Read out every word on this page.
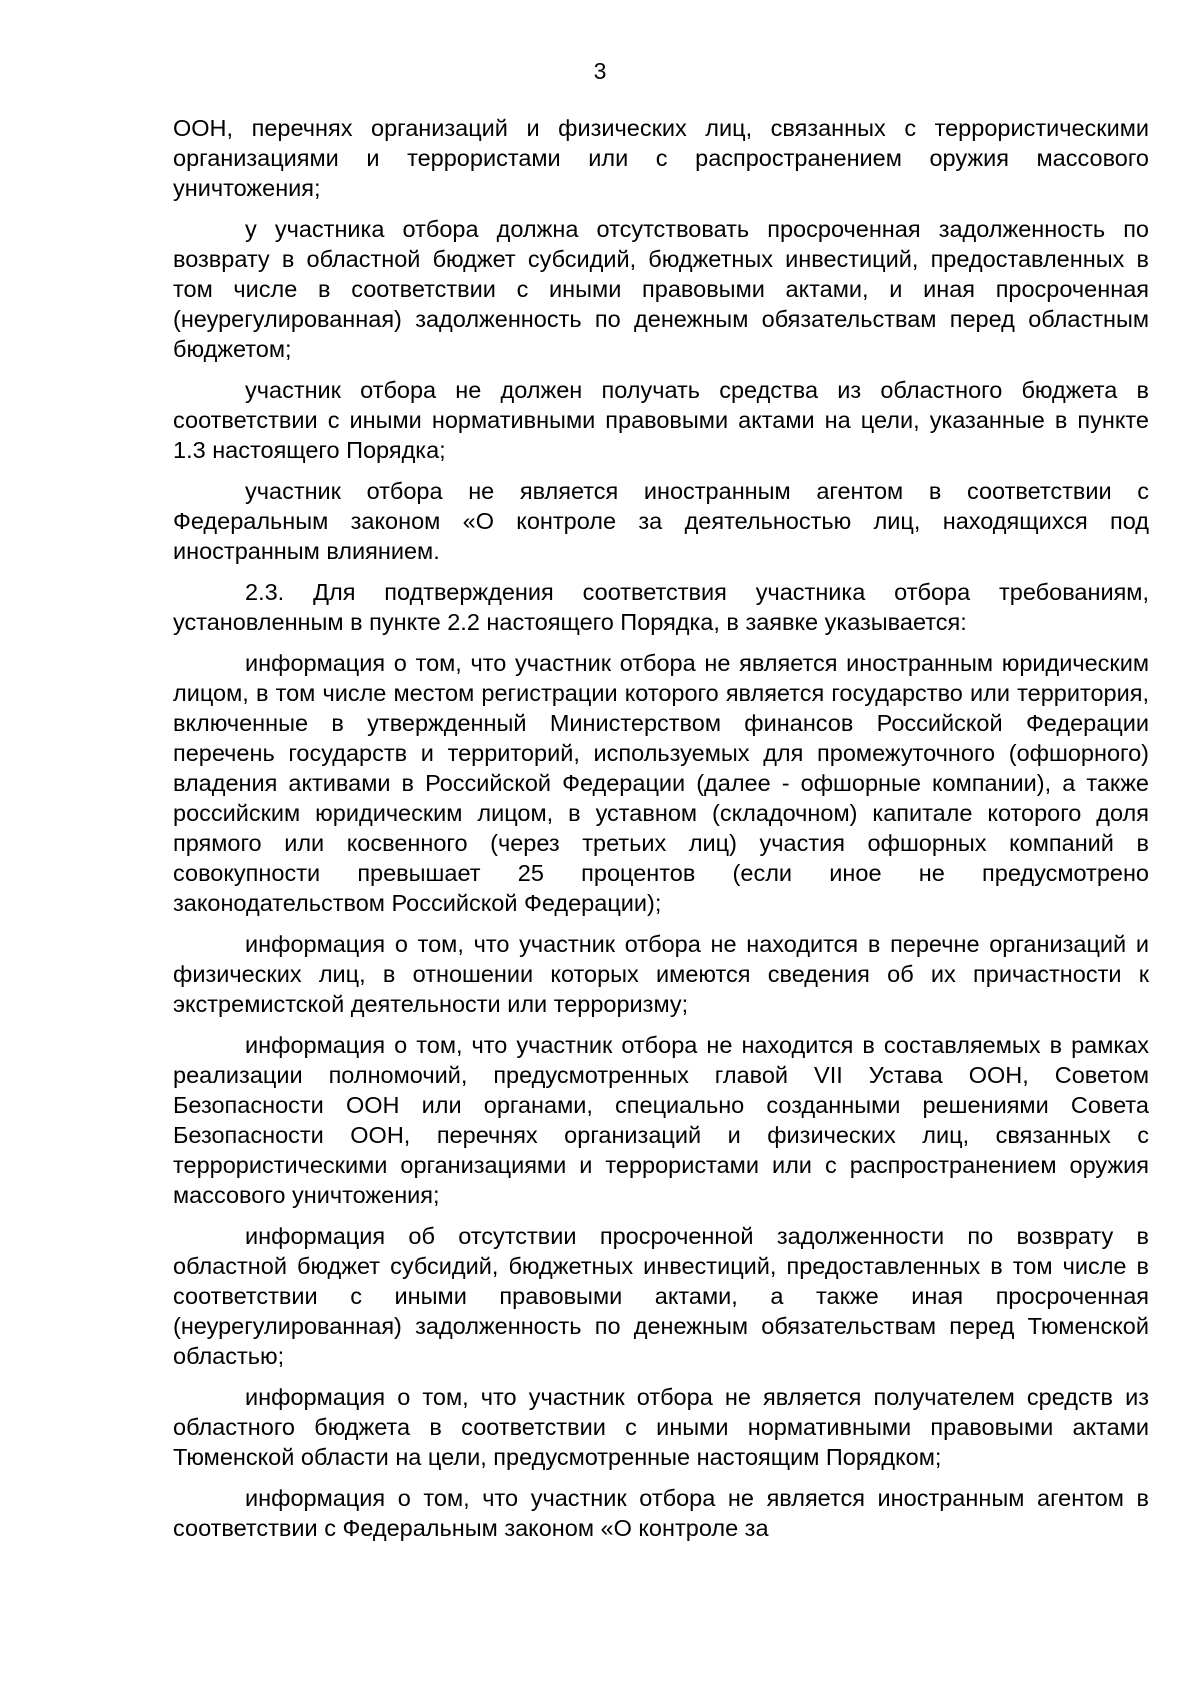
3

ООН, перечнях организаций и физических лиц, связанных с террористическими организациями и террористами или с распространением оружия массового уничтожения;

у участника отбора должна отсутствовать просроченная задолженность по возврату в областной бюджет субсидий, бюджетных инвестиций, предоставленных в том числе в соответствии с иными правовыми актами, и иная просроченная (неурегулированная) задолженность по денежным обязательствам перед областным бюджетом;

участник отбора не должен получать средства из областного бюджета в соответствии с иными нормативными правовыми актами на цели, указанные в пункте 1.3 настоящего Порядка;

участник отбора не является иностранным агентом в соответствии с Федеральным законом «О контроле за деятельностью лиц, находящихся под иностранным влиянием.

2.3. Для подтверждения соответствия участника отбора требованиям, установленным в пункте 2.2 настоящего Порядка, в заявке указывается:

информация о том, что участник отбора не является иностранным юридическим лицом, в том числе местом регистрации которого является государство или территория, включенные в утвержденный Министерством финансов Российской Федерации перечень государств и территорий, используемых для промежуточного (офшорного) владения активами в Российской Федерации (далее - офшорные компании), а также российским юридическим лицом, в уставном (складочном) капитале которого доля прямого или косвенного (через третьих лиц) участия офшорных компаний в совокупности превышает 25 процентов (если иное не предусмотрено законодательством Российской Федерации);

информация о том, что участник отбора не находится в перечне организаций и физических лиц, в отношении которых имеются сведения об их причастности к экстремистской деятельности или терроризму;

информация о том, что участник отбора не находится в составляемых в рамках реализации полномочий, предусмотренных главой VII Устава ООН, Советом Безопасности ООН или органами, специально созданными решениями Совета Безопасности ООН, перечнях организаций и физических лиц, связанных с террористическими организациями и террористами или с распространением оружия массового уничтожения;

информация об отсутствии просроченной задолженности по возврату в областной бюджет субсидий, бюджетных инвестиций, предоставленных в том числе в соответствии с иными правовыми актами, а также иная просроченная (неурегулированная) задолженность по денежным обязательствам перед Тюменской областью;

информация о том, что участник отбора не является получателем средств из областного бюджета в соответствии с иными нормативными правовыми актами Тюменской области на цели, предусмотренные настоящим Порядком;

информация о том, что участник отбора не является иностранным агентом в соответствии с Федеральным законом «О контроле за
